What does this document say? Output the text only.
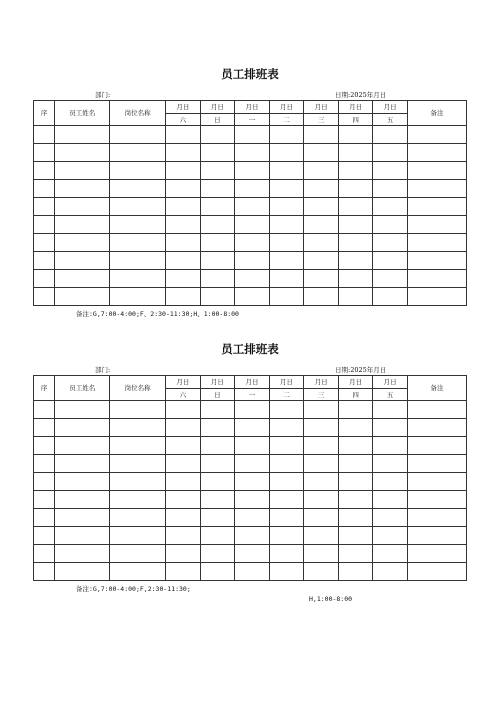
员工排班表
部门:	日期:2025年月日
序	员工姓名	岗位名称	月日	月日	月日	月日	月日	月日	月日	备注
			六	日	一	二	三	四	五	

备注:G,7:00-4:00;F、2:30-11:30;H、1:00-8:00
员工排班表
部门:	日期:2025年月日
序	员工姓名	岗位名称	月日	月日	月日	月日	月日	月日	月日	备注
			六	日	一	二	三	四	五	

备注:G,7:00-4:00;F,2:30-11:30;
H,1:00-8:00
